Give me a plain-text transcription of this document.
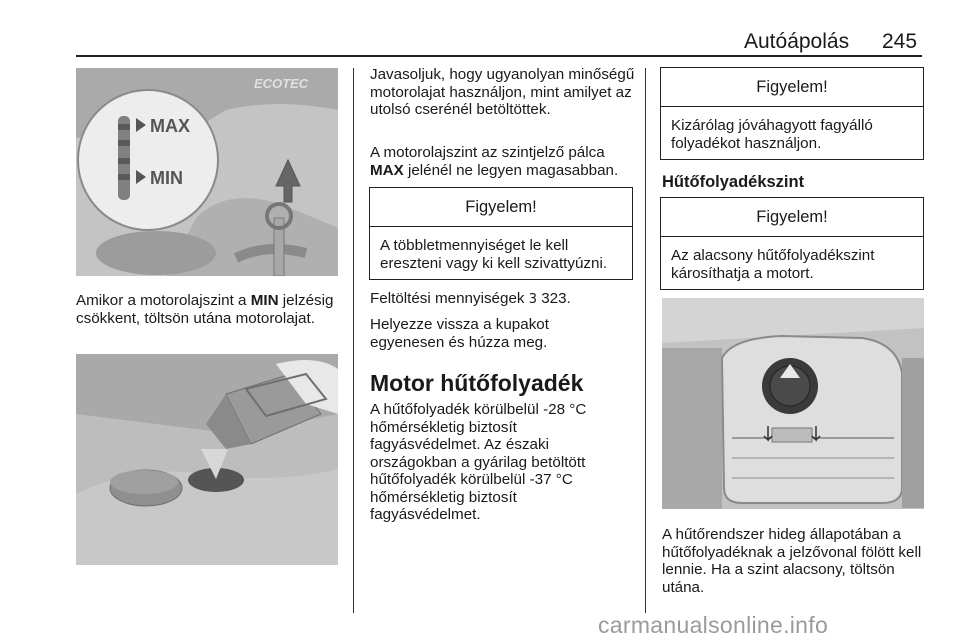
Autóápolás 245
ECOTEC
MAX
MIN

Amikor a motorolajszint a MIN jelzésig csökkent, töltsön utána motorolajat.

Javasoljuk, hogy ugyanolyan minőségű motorolajat használjon, mint amilyet az utolsó cserénél betöltöttek.

A motorolajszint az szintjelző pálca MAX jelénél ne legyen magasabban.

Figyelem!
A többletmennyiséget le kell ereszteni vagy ki kell szivattyúzni.
Feltöltési mennyiségek 3 323.
Helyezze vissza a kupakot egyenesen és húzza meg.
Motor hűtőfolyadék
A hűtőfolyadék körülbelül -28 °C hőmérsékletig biztosít fagyásvédelmet. Az északi országokban a gyárilag betöltött hűtőfolyadék körülbelül -37 °C hőmérsékletig biztosít fagyásvédelmet.
Figyelem!
Kizárólag jóváhagyott fagyálló folyadékot használjon.
Hűtőfolyadékszint
Figyelem!
Az alacsony hűtőfolyadékszint károsíthatja a motort.
A hűtőrendszer hideg állapotában a hűtőfolyadéknak a jelzővonal fölött kell lennie. Ha a szint alacsony, töltsön utána.
carmanualsonline.info
